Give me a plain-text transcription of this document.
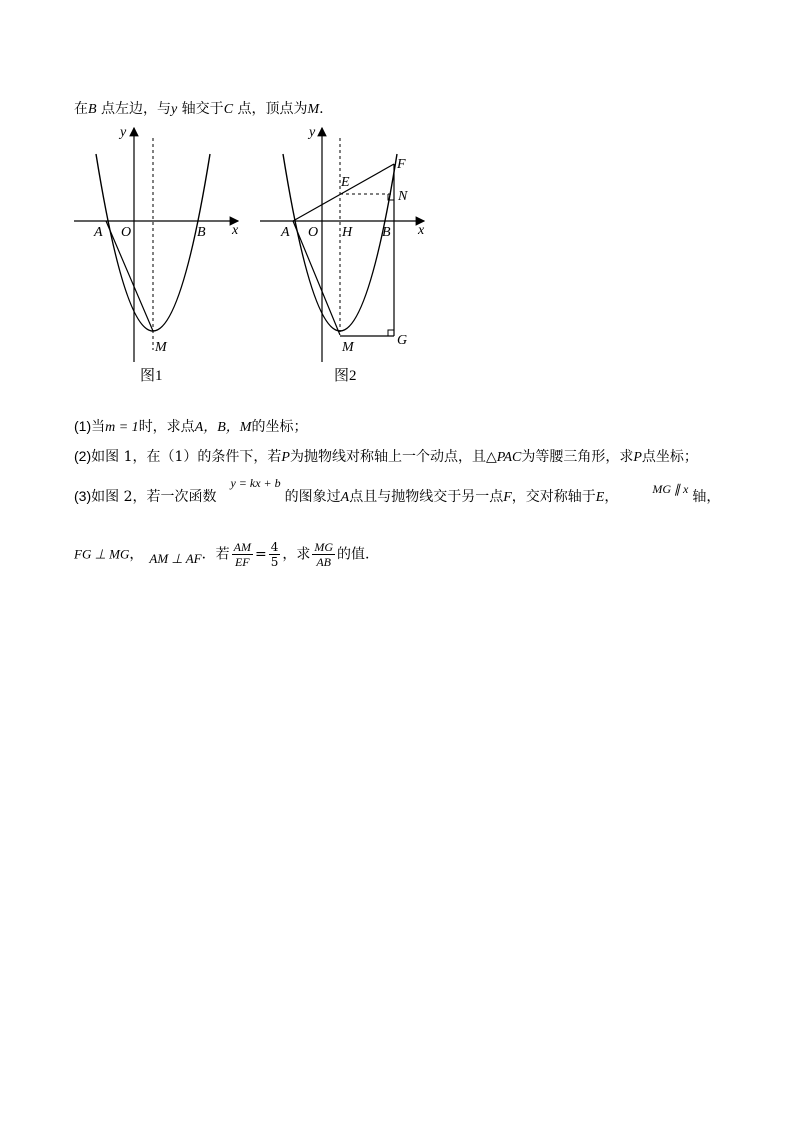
在B 点左边，与y 轴交于C 点，顶点为M.
y
x
A O	B
M
图1
y
x
A O H B
M
E
F
N
G
图2
(1)当m = 1时，求点A，B，M的坐标；
(2)如图 1，在（1）的条件下，若P为抛物线对称轴上一个动点，且△PAC为等腰三角形，求P点坐标；
(3)如图 2，若一次函数y = kx + b的图象过A点且与抛物线交于另一点F，交对称轴于E，	MG ∥ x 轴，
FG ⊥ MG， AM ⊥ AF．若 $\frac{AM}{EF} = \frac{4}{5}$ ，求 $\frac{MG}{AB}$ 的值.
